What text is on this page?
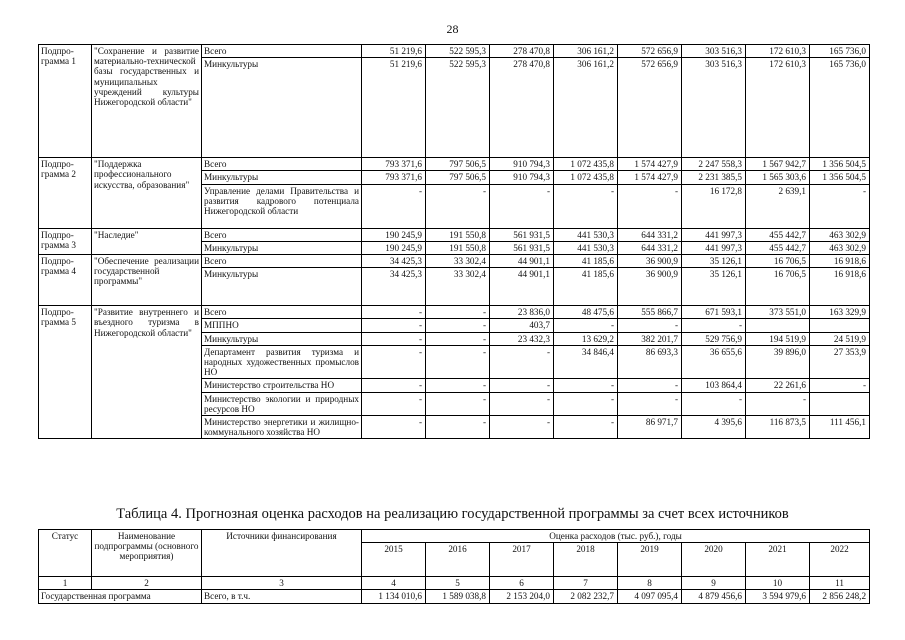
28
Подпро-грамма 1	"Сохранение и развитие материально-технической базы государственных и муниципальных учреждений культуры Нижегородской области"	Всего	51 219,6	522 595,3	278 470,8	306 161,2	572 656,9	303 516,3	172 610,3	165 736,0
		Минкультуры	51 219,6	522 595,3	278 470,8	306 161,2	572 656,9	303 516,3	172 610,3	165 736,0
Подпро-грамма 2	"Поддержка профессионального искусства, образования"	Всего	793 371,6	797 506,5	910 794,3	1 072 435,8	1 574 427,9	2 247 558,3	1 567 942,7	1 356 504,5
		Минкультуры	793 371,6	797 506,5	910 794,3	1 072 435,8	1 574 427,9	2 231 385,5	1 565 303,6	1 356 504,5
		Управление делами Правительства и развития кадрового потенциала Нижегородской области	-	-	-	-	-	16 172,8	2 639,1	-
Подпро-грамма 3	"Наследие"	Всего	190 245,9	191 550,8	561 931,5	441 530,3	644 331,2	441 997,3	455 442,7	463 302,9
		Минкультуры	190 245,9	191 550,8	561 931,5	441 530,3	644 331,2	441 997,3	455 442,7	463 302,9
Подпро-грамма 4	"Обеспечение реализации государственной программы"	Всего	34 425,3	33 302,4	44 901,1	41 185,6	36 900,9	35 126,1	16 706,5	16 918,6
		Минкультуры	34 425,3	33 302,4	44 901,1	41 185,6	36 900,9	35 126,1	16 706,5	16 918,6
Подпро-грамма 5	"Развитие внутреннего и въездного туризма в Нижегородской области"	Всего	-	-	23 836,0	48 475,6	555 866,7	671 593,1	373 551,0	163 329,9
		МППНО	-	-	403,7	-	-	-		
		Минкультуры	-	-	23 432,3	13 629,2	382 201,7	529 756,9	194 519,9	24 519,9
		Департамент развития туризма и народных художественных промыслов НО	-	-	-	34 846,4	86 693,3	36 655,6	39 896,0	27 353,9
		Министерство строительства НО	-	-	-	-	-	103 864,4	22 261,6	-
		Министерство экологии и природных ресурсов НО	-	-	-	-	-	-	-	
		Министерство энергетики и жилищно-коммунального хозяйства НО	-	-	-	-	86 971,7	4 395,6	116 873,5	111 456,1
Таблица 4. Прогнозная оценка расходов на реализацию государственной программы за счет всех источников
Статус	Наименование подпрограммы (основного мероприятия)	Источники финансирования	Оценка расходов (тыс. руб.), годы							
			2015	2016	2017	2018	2019	2020	2021	2022
1	2	3	4	5	6	7	8	9	10	11
Государственная программа		Всего, в т.ч.	1 134 010,6	1 589 038,8	2 153 204,0	2 082 232,7	4 097 095,4	4 879 456,6	3 594 979,6	2 856 248,2
